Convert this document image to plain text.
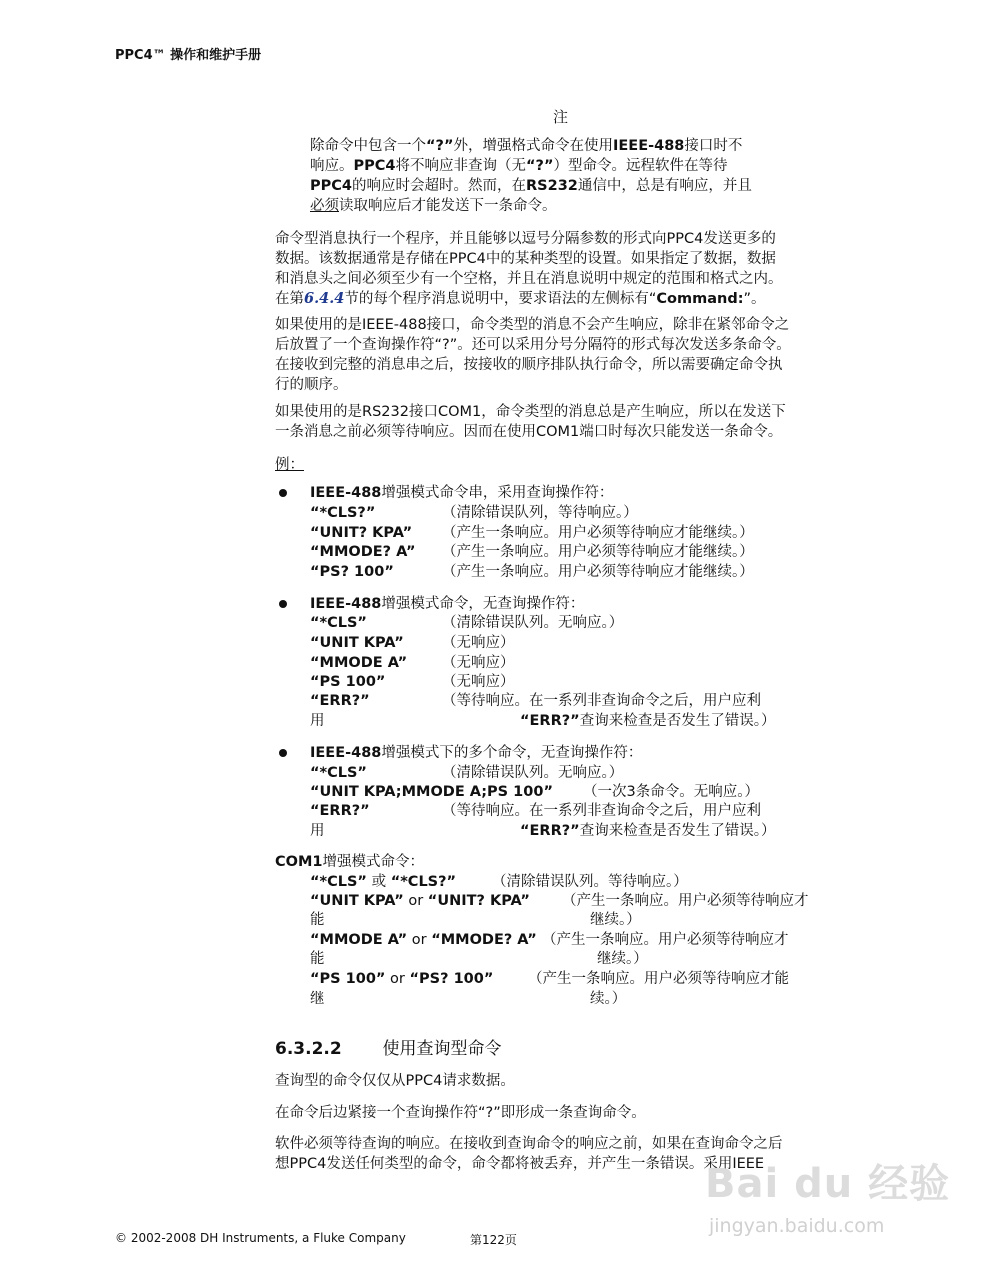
PPC4™ 操作和维护手册
注
除命令中包含一个“?”外，增强格式命令在使用IEEE-488接口时不
响应。PPC4将不响应非查询（无“?”）型命令。远程软件在等待
PPC4的响应时会超时。然而，在RS232通信中，总是有响应，并且
必须读取响应后才能发送下一条命令。
命令型消息执行一个程序，并且能够以逗号分隔参数的形式向PPC4发送更多的
数据。该数据通常是存储在PPC4中的某种类型的设置。如果指定了数据，数据
和消息头之间必须至少有一个空格，并且在消息说明中规定的范围和格式之内。
在第6.4.4节的每个程序消息说明中，要求语法的左侧标有“Command:”。
如果使用的是IEEE-488接口，命令类型的消息不会产生响应，除非在紧邻命令之
后放置了一个查询操作符“?”。还可以采用分号分隔符的形式每次发送多条命令。
在接收到完整的消息串之后，按接收的顺序排队执行命令，所以需要确定命令执
行的顺序。
如果使用的是RS232接口COM1，命令类型的消息总是产生响应，所以在发送下
一条消息之前必须等待响应。因而在使用COM1端口时每次只能发送一条命令。
例：
IEEE-488增强模式命令串，采用查询操作符：
“*CLS?”	（清除错误队列，等待响应。）
“UNIT? KPA” （产生一条响应。用户必须等待响应才能继续。）
“MMODE? A” （产生一条响应。用户必须等待响应才能继续。）
“PS? 100”	（产生一条响应。用户必须等待响应才能继续。）
IEEE-488增强模式命令，无查询操作符：
“*CLS”	（清除错误队列。无响应。）
“UNIT KPA”	（无响应）
“MMODE A” （无响应）
“PS 100”	（无响应）
“ERR?”	（等待响应。在一系列非查询命令之后，用户应利
用	“ERR?”查询来检查是否发生了错误。）
IEEE-488增强模式下的多个命令，无查询操作符：
“*CLS”	（清除错误队列。无响应。）
“UNIT KPA;MMODE A;PS 100” （一次3条命令。无响应。）
“ERR?”	（等待响应。在一系列非查询命令之后，用户应利
用	“ERR?”查询来检查是否发生了错误。）
COM1增强模式命令：
“*CLS” 或 “*CLS?” （清除错误队列。等待响应。）
“UNIT KPA” or “UNIT? KPA” （产生一条响应。用户必须等待响应才
能	继续。）
“MMODE A” or “MMODE? A” （产生一条响应。用户必须等待响应才
能	继续。）
“PS 100” or “PS? 100” （产生一条响应。用户必须等待响应才能
继	续。）
6.3.2.2 使用查询型命令
查询型的命令仅仅从PPC4请求数据。
在命令后边紧接一个查询操作符“?”即形成一条查询命令。
软件必须等待查询的响应。在接收到查询命令的响应之前，如果在查询命令之后
想PPC4发送任何类型的命令，命令都将被丢弃，并产生一条错误。采用IEEE
Bai du 经验
jingyan.baidu.com
© 2002-2008 DH Instruments, a Fluke Company	第122页
